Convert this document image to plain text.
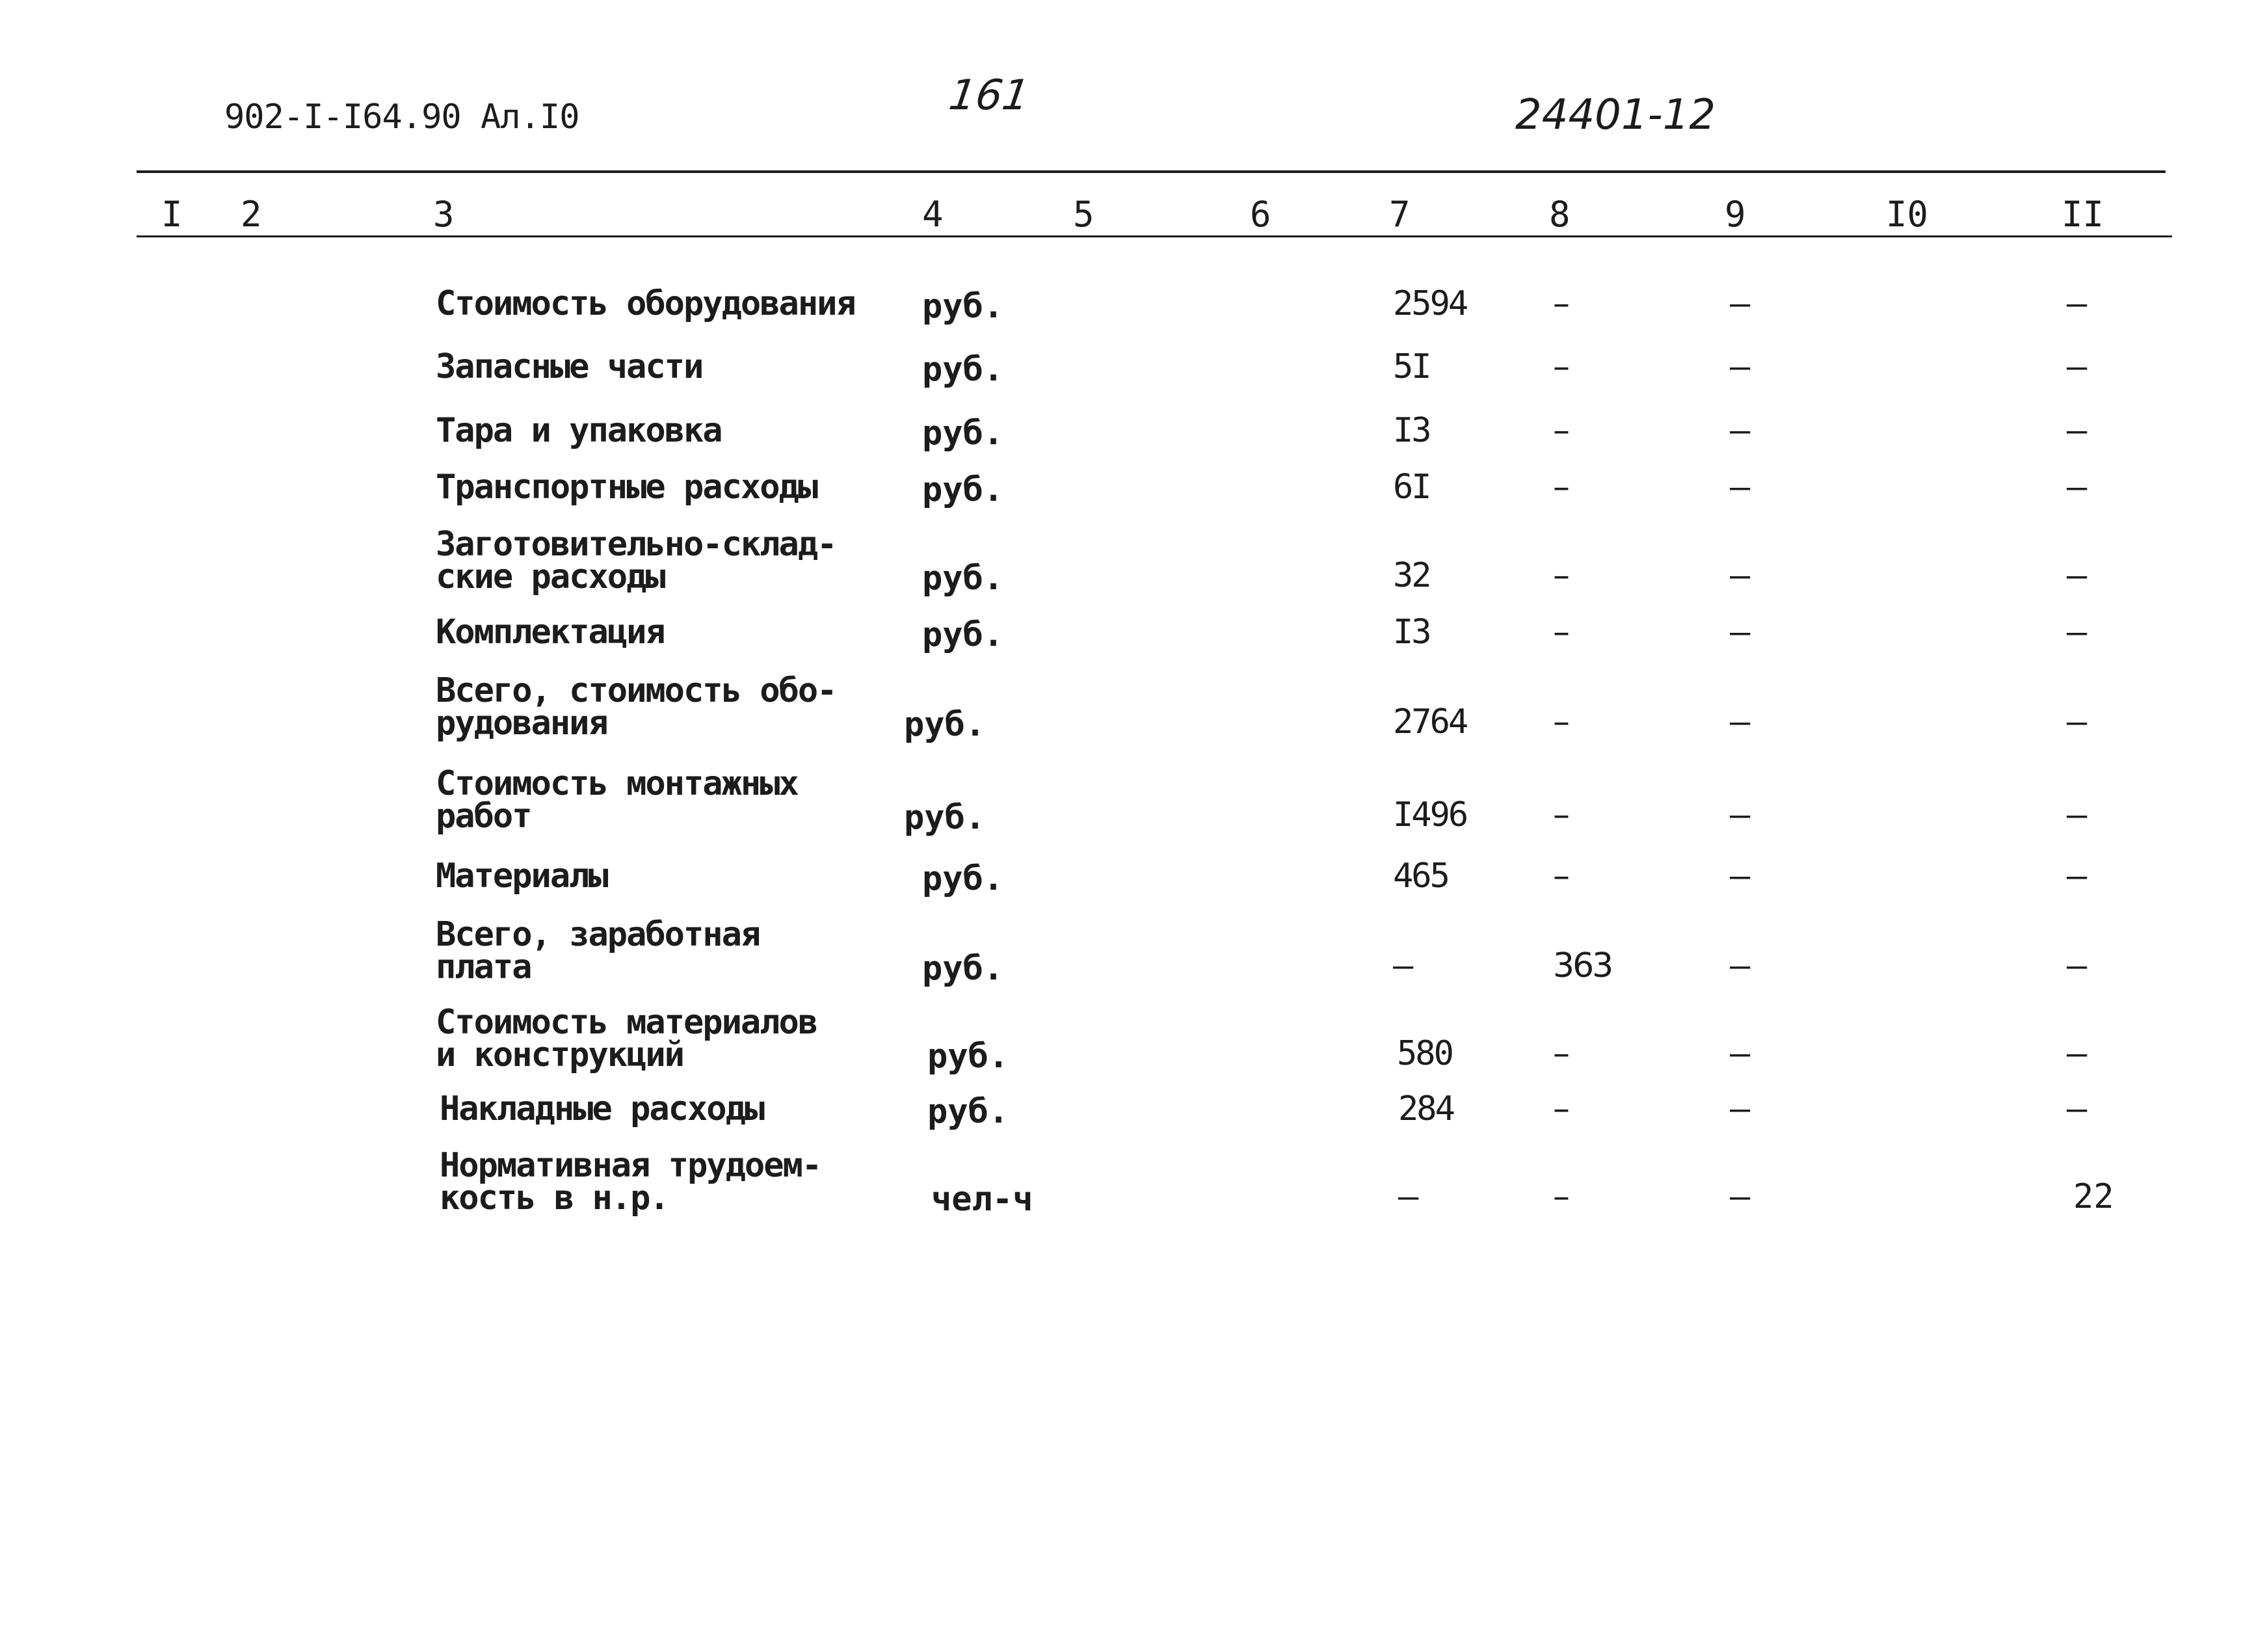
902-I-I64.90 Ал.I0	161	24401-12
I 2	3	4	5	6	7	8	9	I0	II
Стоимость оборудования руб.	2594	–	–	–
Запасные части	руб.	5I	–	–	–
Тара и упаковка	руб.	I3	–	–	–
Транспортные расходы	руб.	6I	–	–	–
Заготовительно-склад-
ские расходы	руб.	32	–	–	–
Комплектация	руб.	I3	–	–	–
Всего, стоимость обо-
рудования	руб.	2764	–	–	–
Стоимость монтажных
работ	руб.	I496	–	–	–
Материалы	руб.	465	–	–	–
Всего, заработная
плата	руб.	–	363	–	–
Стоимость материалов
и конструкций	руб.	580	–	–	–
Накладные расходы	руб.	284	–	–	–
Нормативная трудоем-
кость в н.р.	чел-ч	–	–	–	22
